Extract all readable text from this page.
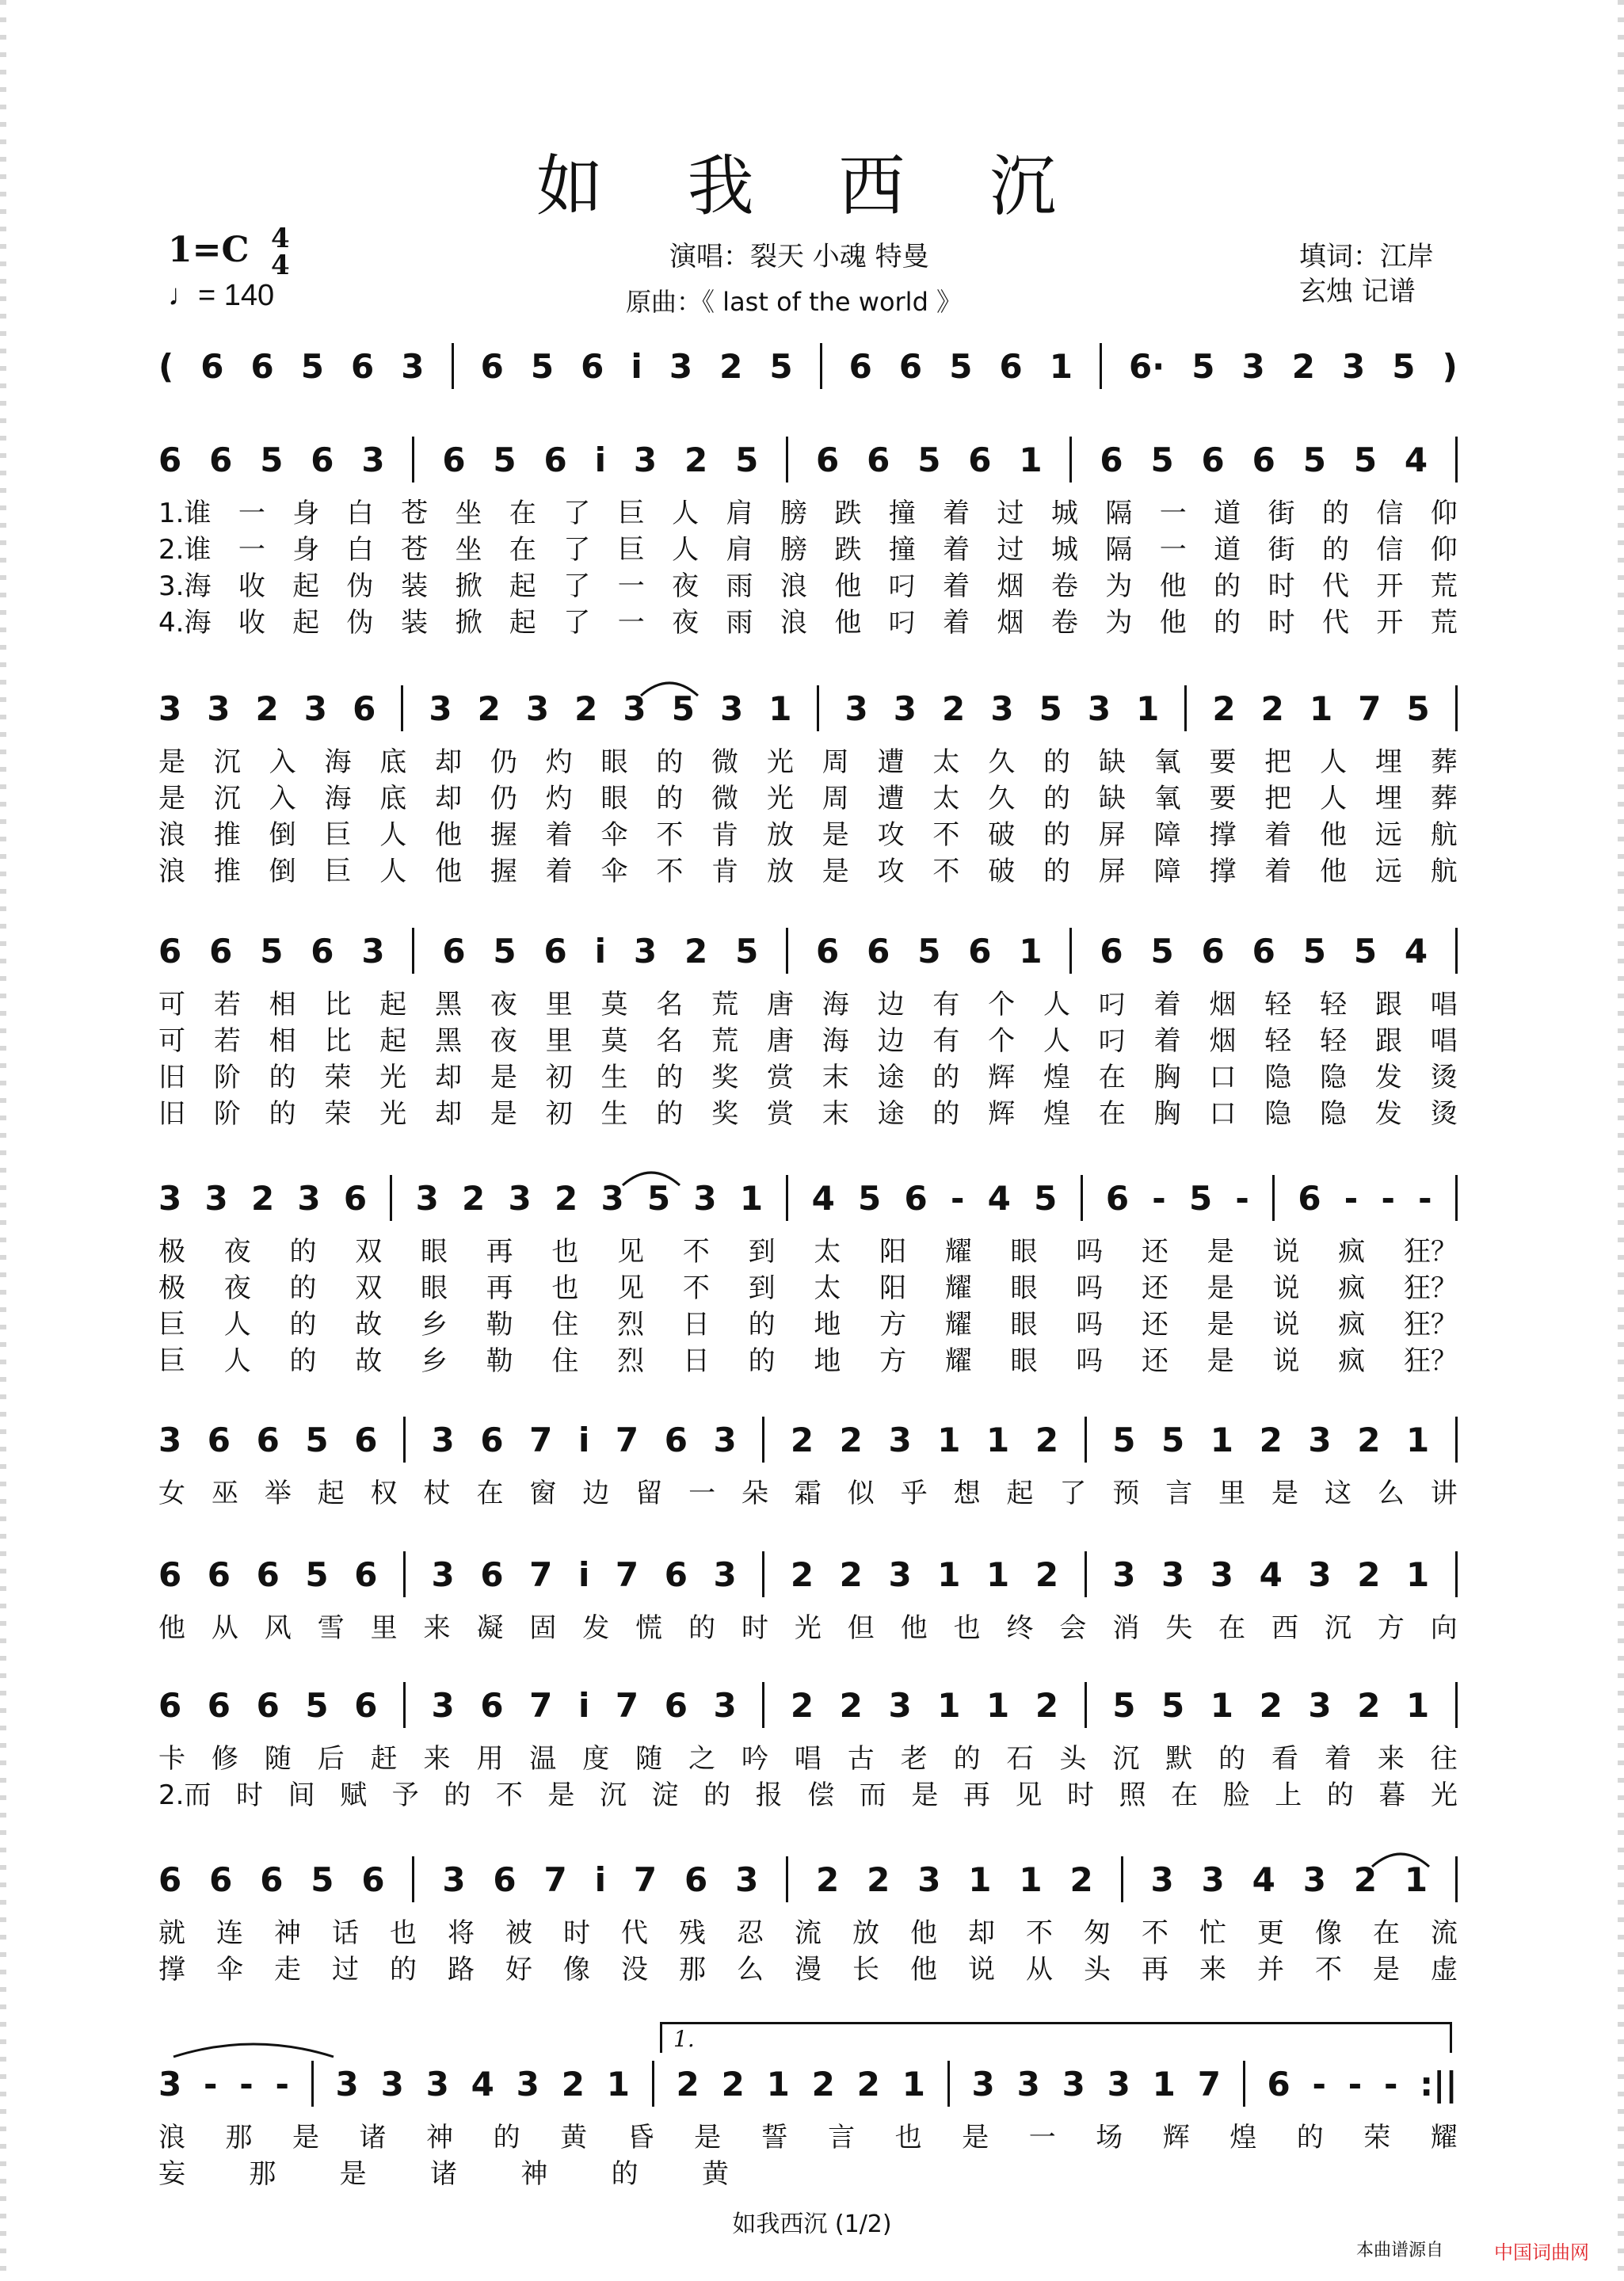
如 我 西 沉
1=C 4
4
♩= 140
演唱：裂天 小魂 特曼
原曲：《 last of the world 》
填词：江岸
玄烛 记谱
( 6 6 5 6 3 6 5 6 i 3 2 5 6 6 5 6 1 6· 5 3 2 3 5 )
6 6 5 6 3 6 5 6 i 3 2 5 6 6 5 6 1 6 5 6 6 5 5 4
1.谁 一 身 白 苍 坐 在 了 巨 人 肩 膀 跌 撞 着 过 城 隔 一 道 街 的 信 仰
2.谁 一 身 白 苍 坐 在 了 巨 人 肩 膀 跌 撞 着 过 城 隔 一 道 街 的 信 仰
3.海 收 起 伪 装 掀 起 了 一 夜 雨 浪 他 叼 着 烟 卷 为 他 的 时 代 开 荒
4.海 收 起 伪 装 掀 起 了 一 夜 雨 浪 他 叼 着 烟 卷 为 他 的 时 代 开 荒
3 3 2 3 6 3 2 3 2 3 5 3 1 3 3 2 3 5 3 1 2 2 1 7 5
是 沉 入 海 底 却 仍 灼 眼 的 微 光 周 遭 太 久 的 缺 氧 要 把 人 埋 葬
是 沉 入 海 底 却 仍 灼 眼 的 微 光 周 遭 太 久 的 缺 氧 要 把 人 埋 葬
浪 推 倒 巨 人 他 握 着 伞 不 肯 放 是 攻 不 破 的 屏 障 撑 着 他 远 航
浪 推 倒 巨 人 他 握 着 伞 不 肯 放 是 攻 不 破 的 屏 障 撑 着 他 远 航
6 6 5 6 3 6 5 6 i 3 2 5 6 6 5 6 1 6 5 6 6 5 5 4
可 若 相 比 起 黑 夜 里 莫 名 荒 唐 海 边 有 个 人 叼 着 烟 轻 轻 跟 唱
可 若 相 比 起 黑 夜 里 莫 名 荒 唐 海 边 有 个 人 叼 着 烟 轻 轻 跟 唱
旧 阶 的 荣 光 却 是 初 生 的 奖 赏 末 途 的 辉 煌 在 胸 口 隐 隐 发 烫
旧 阶 的 荣 光 却 是 初 生 的 奖 赏 末 途 的 辉 煌 在 胸 口 隐 隐 发 烫
3 3 2 3 6 3 2 3 2 3 5 3 1 4 5 6 - 4 5 6 - 5 - 6 - - -
极 夜 的 双 眼 再 也 见 不 到 太 阳 耀 眼 吗 还 是 说 疯 狂？
极 夜 的 双 眼 再 也 见 不 到 太 阳 耀 眼 吗 还 是 说 疯 狂？
巨 人 的 故 乡 勒 住 烈 日 的 地 方 耀 眼 吗 还 是 说 疯 狂？
巨 人 的 故 乡 勒 住 烈 日 的 地 方 耀 眼 吗 还 是 说 疯 狂？
3 6 6 5 6 3 6 7 i 7 6 3 2 2 3 1 1 2 5 5 1 2 3 2 1
女 巫 举 起 权 杖 在 窗 边 留 一 朵 霜 似 乎 想 起 了 预 言 里 是 这 么 讲
6 6 6 5 6 3 6 7 i 7 6 3 2 2 3 1 1 2 3 3 3 4 3 2 1
他 从 风 雪 里 来 凝 固 发 慌 的 时 光 但 他 也 终 会 消 失 在 西 沉 方 向
6 6 6 5 6 3 6 7 i 7 6 3 2 2 3 1 1 2 5 5 1 2 3 2 1
卡 修 随 后 赶 来 用 温 度 随 之 吟 唱 古 老 的 石 头 沉 默 的 看 着 来 往
2.而 时 间 赋 予 的 不 是 沉 淀 的 报 偿 而 是 再 见 时 照 在 脸 上 的 暮 光
6 6 6 5 6 3 6 7 i 7 6 3 2 2 3 1 1 2 3 3 4 3 2 1
就 连 神 话 也 将 被 时 代 残 忍 流 放 他 却 不 匆 不 忙 更 像 在 流
撑 伞 走 过 的 路 好 像 没 那 么 漫 长 他 说 从 头 再 来 并 不 是 虚
1.
3 - - - 3 3 3 4 3 2 1 2 2 1 2 2 1 3 3 3 3 1 7 6 - - - :||
浪 那 是 诸 神 的 黄 昏 是 誓 言 也 是 一 场 辉 煌 的 荣 耀
妄 那 是 诸 神 的 黄
如我西沉 (1/2)
本曲谱源自	中国词曲网
